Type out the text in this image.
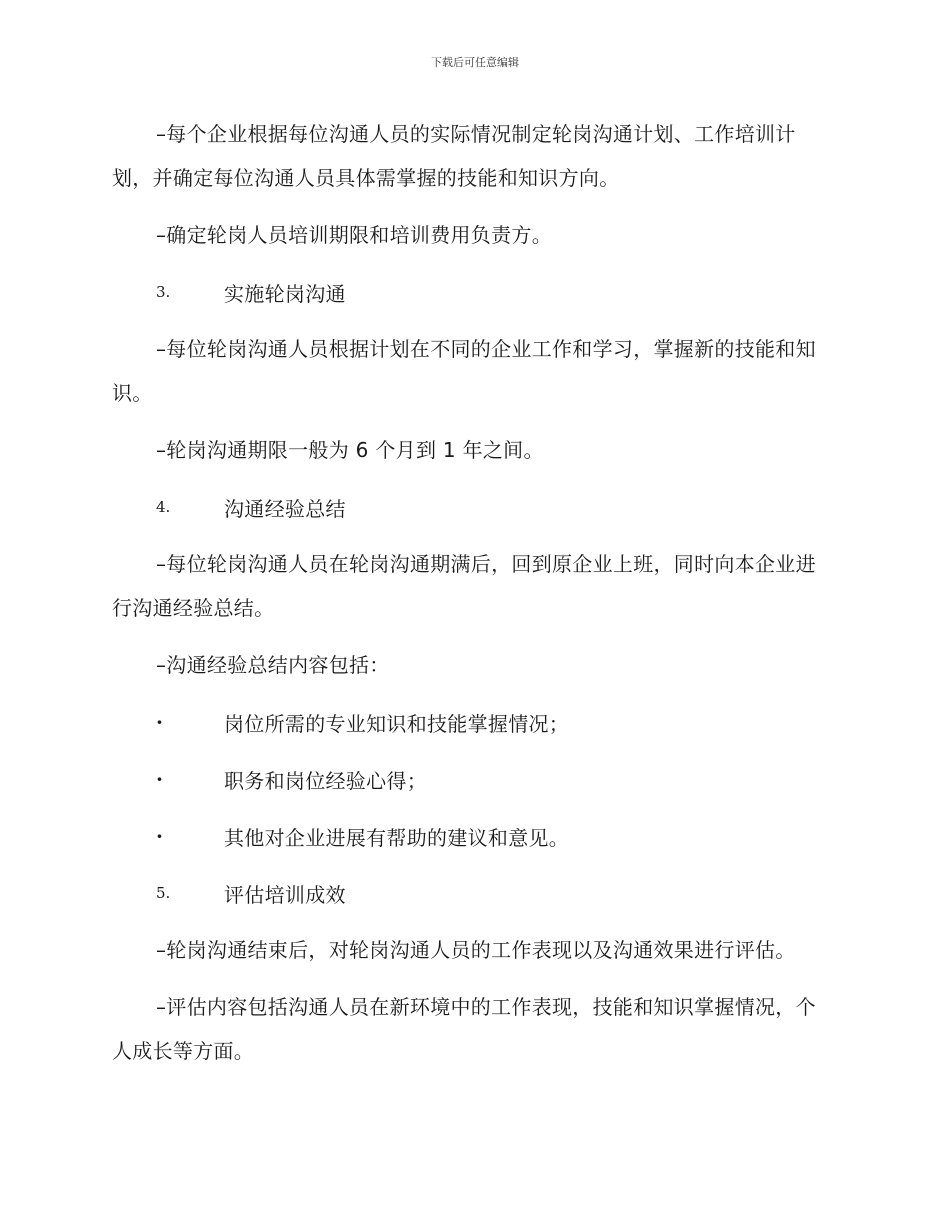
下载后可任意编辑

–每个企业根据每位沟通人员的实际情况制定轮岗沟通计划、工作培训计划，并确定每位沟通人员具体需掌握的技能和知识方向。

–确定轮岗人员培训期限和培训费用负责方。

3.	实施轮岗沟通

–每位轮岗沟通人员根据计划在不同的企业工作和学习，掌握新的技能和知识。

–轮岗沟通期限一般为 6 个月到 1 年之间。

4.	沟通经验总结

–每位轮岗沟通人员在轮岗沟通期满后，回到原企业上班，同时向本企业进行沟通经验总结。

–沟通经验总结内容包括：

·	岗位所需的专业知识和技能掌握情况；
·	职务和岗位经验心得；
·	其他对企业进展有帮助的建议和意见。
5.	评估培训成效

–轮岗沟通结束后，对轮岗沟通人员的工作表现以及沟通效果进行评估。

–评估内容包括沟通人员在新环境中的工作表现，技能和知识掌握情况，个人成长等方面。
